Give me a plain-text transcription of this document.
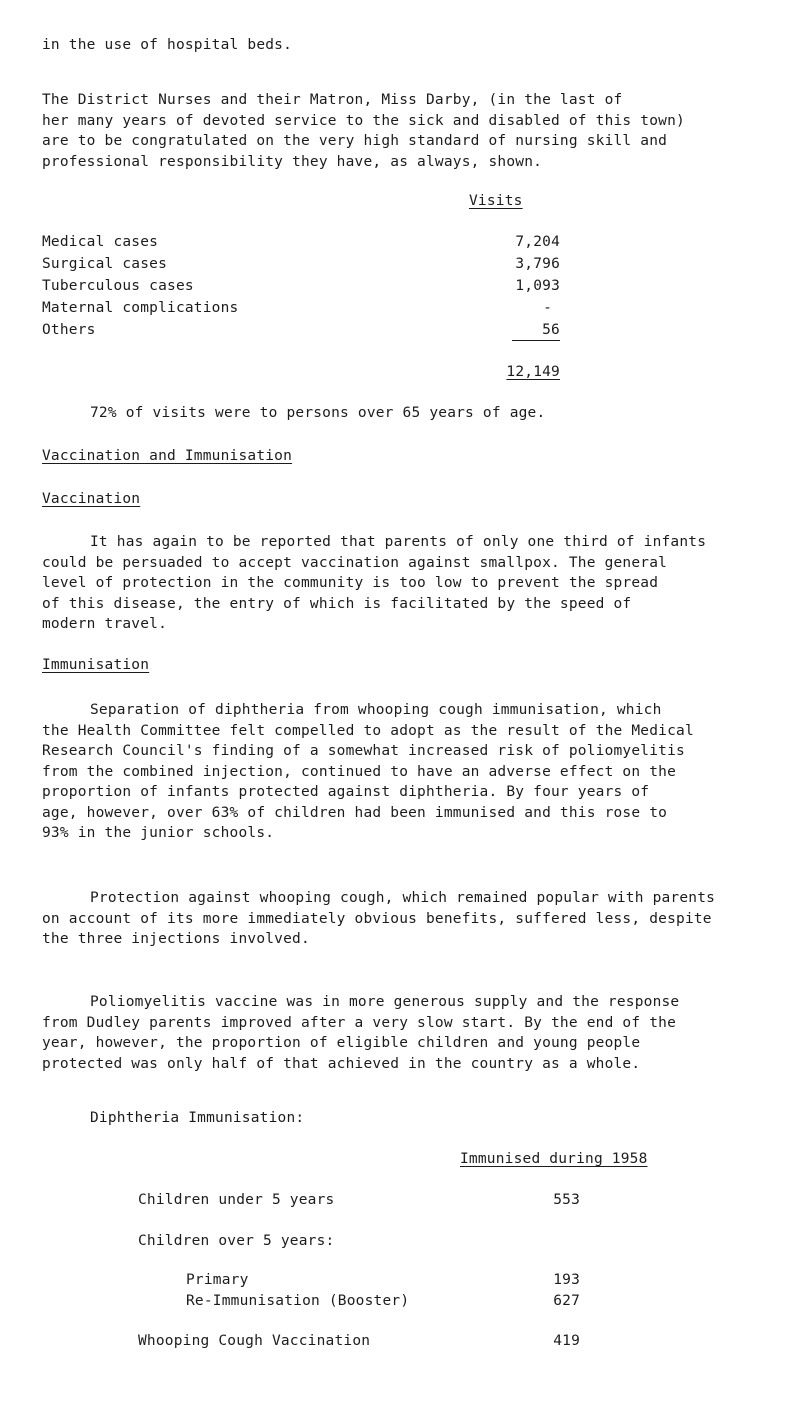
in the use of hospital beds.
The District Nurses and their Matron, Miss Darby, (in the last of
her many years of devoted service to the sick and disabled of this town)
are to be congratulated on the very high standard of nursing skill and
professional responsibility they have, as always, shown.
Visits
Medical cases	7,204
Surgical cases	3,796
Tuberculous cases	1,093
Maternal complications	-
Others	56
12,149
72% of visits were to persons over 65 years of age.
Vaccination and Immunisation
Vaccination
It has again to be reported that parents of only one third of infants
could be persuaded to accept vaccination against smallpox. The general
level of protection in the community is too low to prevent the spread
of this disease, the entry of which is facilitated by the speed of
modern travel.
Immunisation
Separation of diphtheria from whooping cough immunisation, which
the Health Committee felt compelled to adopt as the result of the Medical
Research Council's finding of a somewhat increased risk of poliomyelitis
from the combined injection, continued to have an adverse effect on the
proportion of infants protected against diphtheria. By four years of
age, however, over 63% of children had been immunised and this rose to
93% in the junior schools.
Protection against whooping cough, which remained popular with parents
on account of its more immediately obvious benefits, suffered less, despite
the three injections involved.
Poliomyelitis vaccine was in more generous supply and the response
from Dudley parents improved after a very slow start. By the end of the
year, however, the proportion of eligible children and young people
protected was only half of that achieved in the country as a whole.
Diphtheria Immunisation:
Immunised during 1958
Children under 5 years	553
Children over 5 years:
Primary	193
Re-Immunisation (Booster)	627
Whooping Cough Vaccination	419
